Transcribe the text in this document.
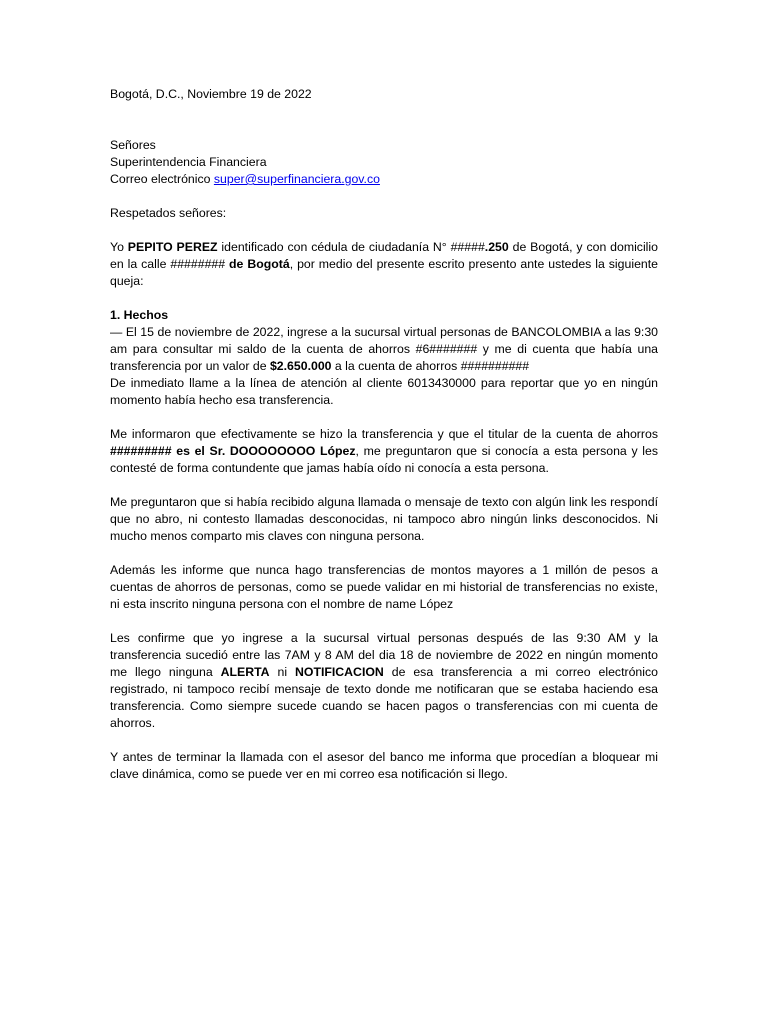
Bogotá, D.C., Noviembre 19 de 2022

Señores
Superintendencia Financiera
Correo electrónico super@superfinanciera.gov.co

Respetados señores:

Yo PEPITO PEREZ identificado con cédula de ciudadanía N° #####.250 de Bogotá, y con domicilio en la calle ######## de Bogotá, por medio del presente escrito presento ante ustedes la siguiente queja:

1. Hechos

— El 15 de noviembre de 2022, ingrese a la sucursal virtual personas de BANCOLOMBIA a las 9:30 am para consultar mi saldo de la cuenta de ahorros #6####### y me di cuenta que había una transferencia por un valor de $2.650.000 a la cuenta de ahorros ##########

De inmediato llame a la línea de atención al cliente 6013430000 para reportar que yo en ningún momento había hecho esa transferencia.

Me informaron que efectivamente se hizo la transferencia y que el titular de la cuenta de ahorros ######### es el Sr. DOOOOOOOO López, me preguntaron que si conocía a esta persona y les contesté de forma contundente que jamas había oído ni conocía a esta persona.

Me preguntaron que si había recibido alguna llamada o mensaje de texto con algún link les respondí que no abro, ni contesto llamadas desconocidas, ni tampoco abro ningún links desconocidos. Ni mucho menos comparto mis claves con ninguna persona.

Además les informe que nunca hago transferencias de montos mayores a 1 millón de pesos a cuentas de ahorros de personas, como se puede validar en mi historial de transferencias no existe, ni esta inscrito ninguna persona con el nombre de name López

Les confirme que yo ingrese a la sucursal virtual personas después de las 9:30 AM y la transferencia sucedió entre las 7AM y 8 AM del dia 18 de noviembre de 2022 en ningún momento me llego ninguna ALERTA ni NOTIFICACION de esa transferencia a mi correo electrónico registrado, ni tampoco recibí mensaje de texto donde me notificaran que se estaba haciendo esa transferencia. Como siempre sucede cuando se hacen pagos o transferencias con mi cuenta de ahorros.

Y antes de terminar la llamada con el asesor del banco me informa que procedían a bloquear mi clave dinámica, como se puede ver en mi correo esa notificación si llego.
